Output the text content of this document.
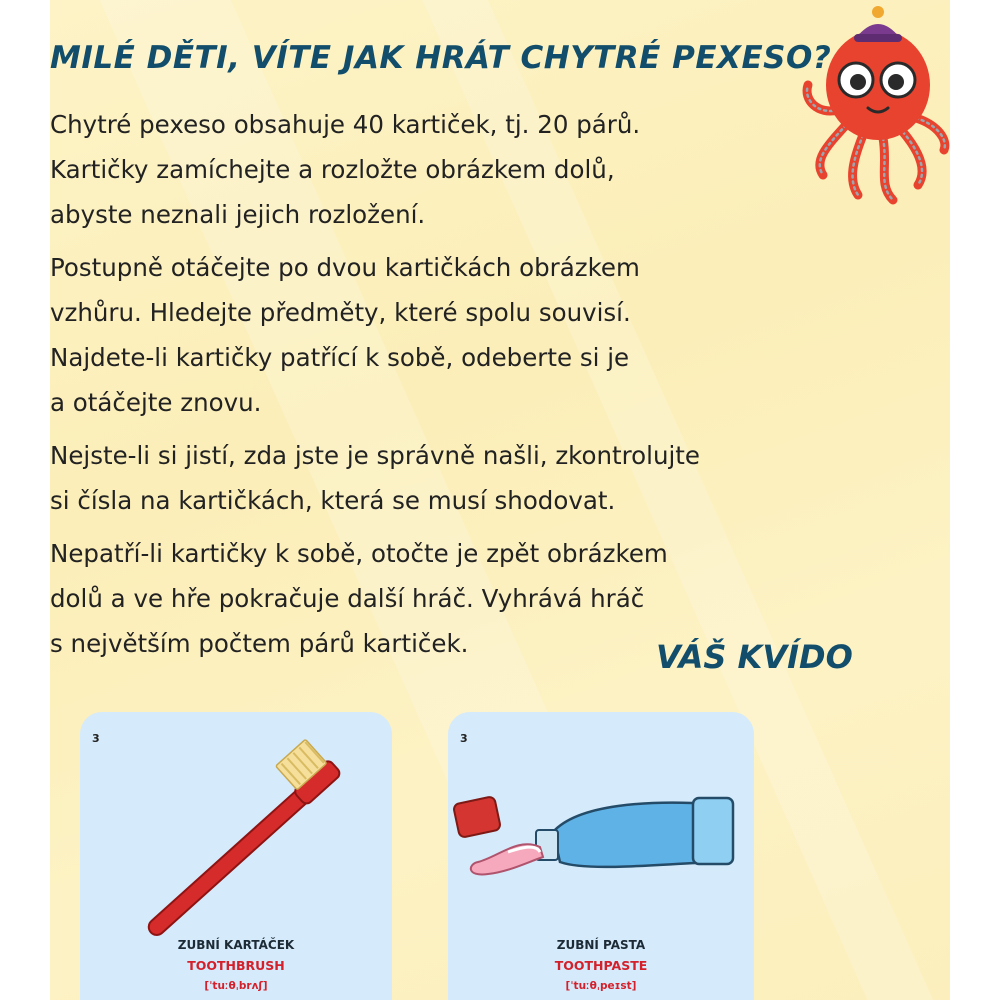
MILÉ DĚTI, VÍTE JAK HRÁT CHYTRÉ PEXESO?

Chytré pexeso obsahuje 40 kartiček, tj. 20 párů.
Kartičky zamíchejte a rozložte obrázkem dolů,
abyste neznali jejich rozložení.

Postupně otáčejte po dvou kartičkách obrázkem
vzhůru. Hledejte předměty, které spolu souvisí.
Najdete-li kartičky patřící k sobě, odeberte si je
a otáčejte znovu.

Nejste-li si jistí, zda jste je správně našli, zkontrolujte
si čísla na kartičkách, která se musí shodovat.

Nepatří-li kartičky k sobě, otočte je zpět obrázkem
dolů a ve hře pokračuje další hráč. Vyhrává hráč
s největším počtem párů kartiček.	VÁŠ KVÍDO

3
ZUBNÍ KARTÁČEK
TOOTHBRUSH
[ˈtuːθˌbrʌʃ]
3
ZUBNÍ PASTA
TOOTHPASTE
[ˈtuːθˌpeɪst]
